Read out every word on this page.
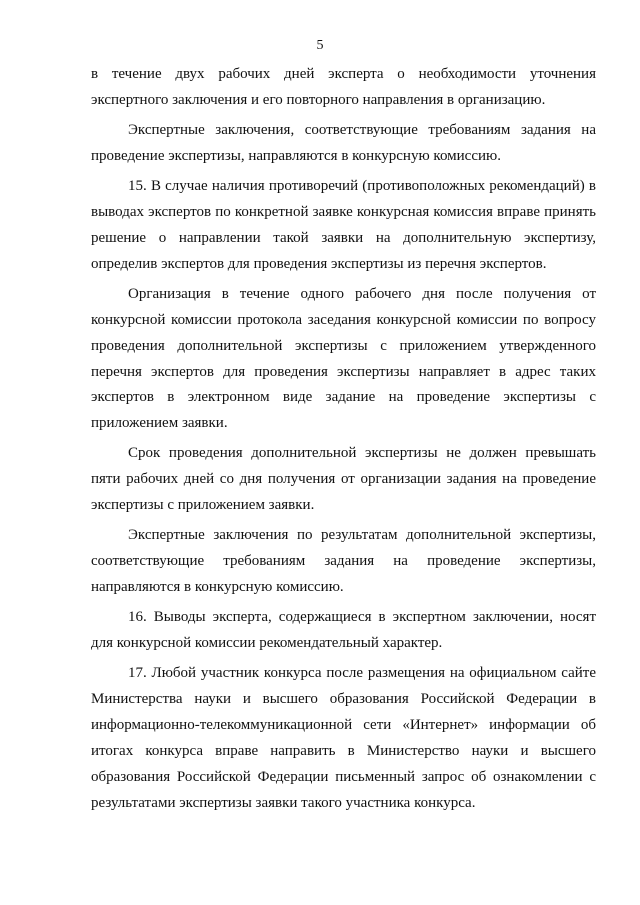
5

в течение двух рабочих дней эксперта о необходимости уточнения экспертного заключения и его повторного направления в организацию.

Экспертные заключения, соответствующие требованиям задания на проведение экспертизы, направляются в конкурсную комиссию.

15. В случае наличия противоречий (противоположных рекомендаций) в выводах экспертов по конкретной заявке конкурсная комиссия вправе принять решение о направлении такой заявки на дополнительную экспертизу, определив экспертов для проведения экспертизы из перечня экспертов.

Организация в течение одного рабочего дня после получения от конкурсной комиссии протокола заседания конкурсной комиссии по вопросу проведения дополнительной экспертизы с приложением утвержденного перечня экспертов для проведения экспертизы направляет в адрес таких экспертов в электронном виде задание на проведение экспертизы с приложением заявки.

Срок проведения дополнительной экспертизы не должен превышать пяти рабочих дней со дня получения от организации задания на проведение экспертизы с приложением заявки.

Экспертные заключения по результатам дополнительной экспертизы, соответствующие требованиям задания на проведение экспертизы, направляются в конкурсную комиссию.

16. Выводы эксперта, содержащиеся в экспертном заключении, носят для конкурсной комиссии рекомендательный характер.

17. Любой участник конкурса после размещения на официальном сайте Министерства науки и высшего образования Российской Федерации в информационно-телекоммуникационной сети «Интернет» информации об итогах конкурса вправе направить в Министерство науки и высшего образования Российской Федерации письменный запрос об ознакомлении с результатами экспертизы заявки такого участника конкурса.
